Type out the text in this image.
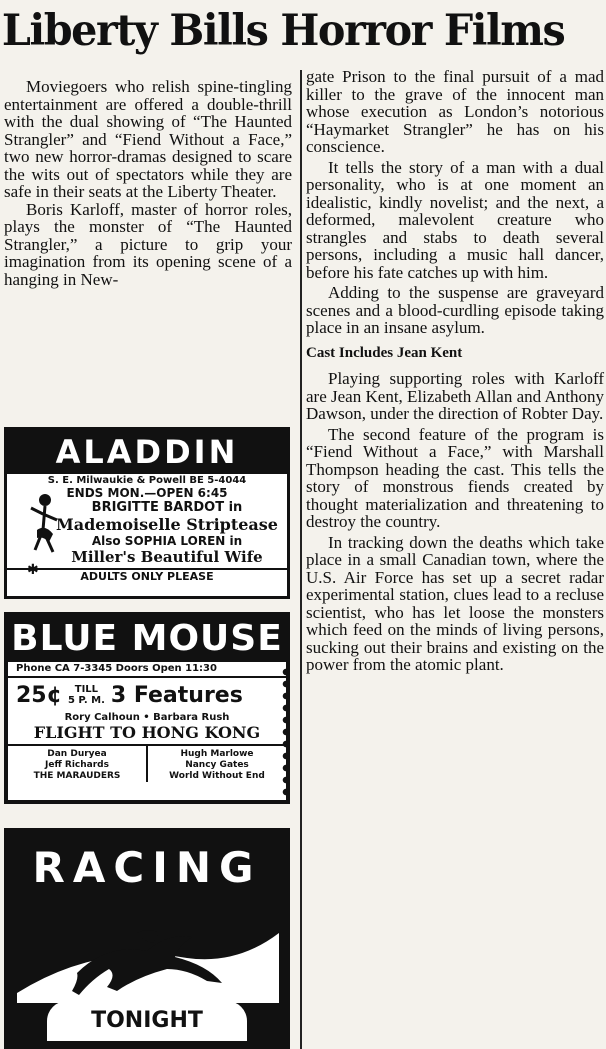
Liberty Bills Horror Films

Moviegoers who relish spine-tingling entertainment are offered a double-thrill with the dual showing of “The Haunted Strangler” and “Fiend Without a Face,” two new horror-dramas designed to scare the wits out of spectators while they are safe in their seats at the Liberty Theater.

Boris Karloff, master of horror roles, plays the monster of “The Haunted Strangler,” a picture to grip your imagination from its opening scene of a hanging in New-

gate Prison to the final pursuit of a mad killer to the grave of the innocent man whose execution as London’s notorious “Haymarket Strangler” he has on his conscience.

It tells the story of a man with a dual personality, who is at one moment an idealistic, kindly novelist; and the next, a deformed, malevolent creature who strangles and stabs to death several persons, including a music hall dancer, before his fate catches up with him.

Adding to the suspense are graveyard scenes and a blood-curdling episode taking place in an insane asylum.

Cast Includes Jean Kent

Playing supporting roles with Karloff are Jean Kent, Elizabeth Allan and Anthony Dawson, under the direction of Robter Day.

The second feature of the program is “Fiend Without a Face,” with Marshall Thompson heading the cast. This tells the story of monstrous fiends created by thought materialization and threatening to destroy the country.

In tracking down the deaths which take place in a small Canadian town, where the U.S. Air Force has set up a secret radar experimental station, clues lead to a recluse scientist, who has let loose the monsters which feed on the minds of living persons, sucking out their brains and existing on the power from the atomic plant.

ALADDIN
S. E. Milwaukie & Powell BE 5-4044
ENDS MON.—OPEN 6:45
BRIGITTE BARDOT in
Mademoiselle Striptease
Also SOPHIA LOREN in
Miller's Beautiful Wife
ADULTS ONLY PLEASE
✱
BLUE MOUSE
Phone CA 7-3345 Doors Open 11:30
25¢	TILL
5 P. M. 3 Features
Rory Calhoun • Barbara Rush
FLIGHT TO HONG KONG
Dan Duryea
Jeff Richards
THE MARAUDERS
Hugh Marlowe
Nancy Gates
World Without End
RACING
TONIGHT
